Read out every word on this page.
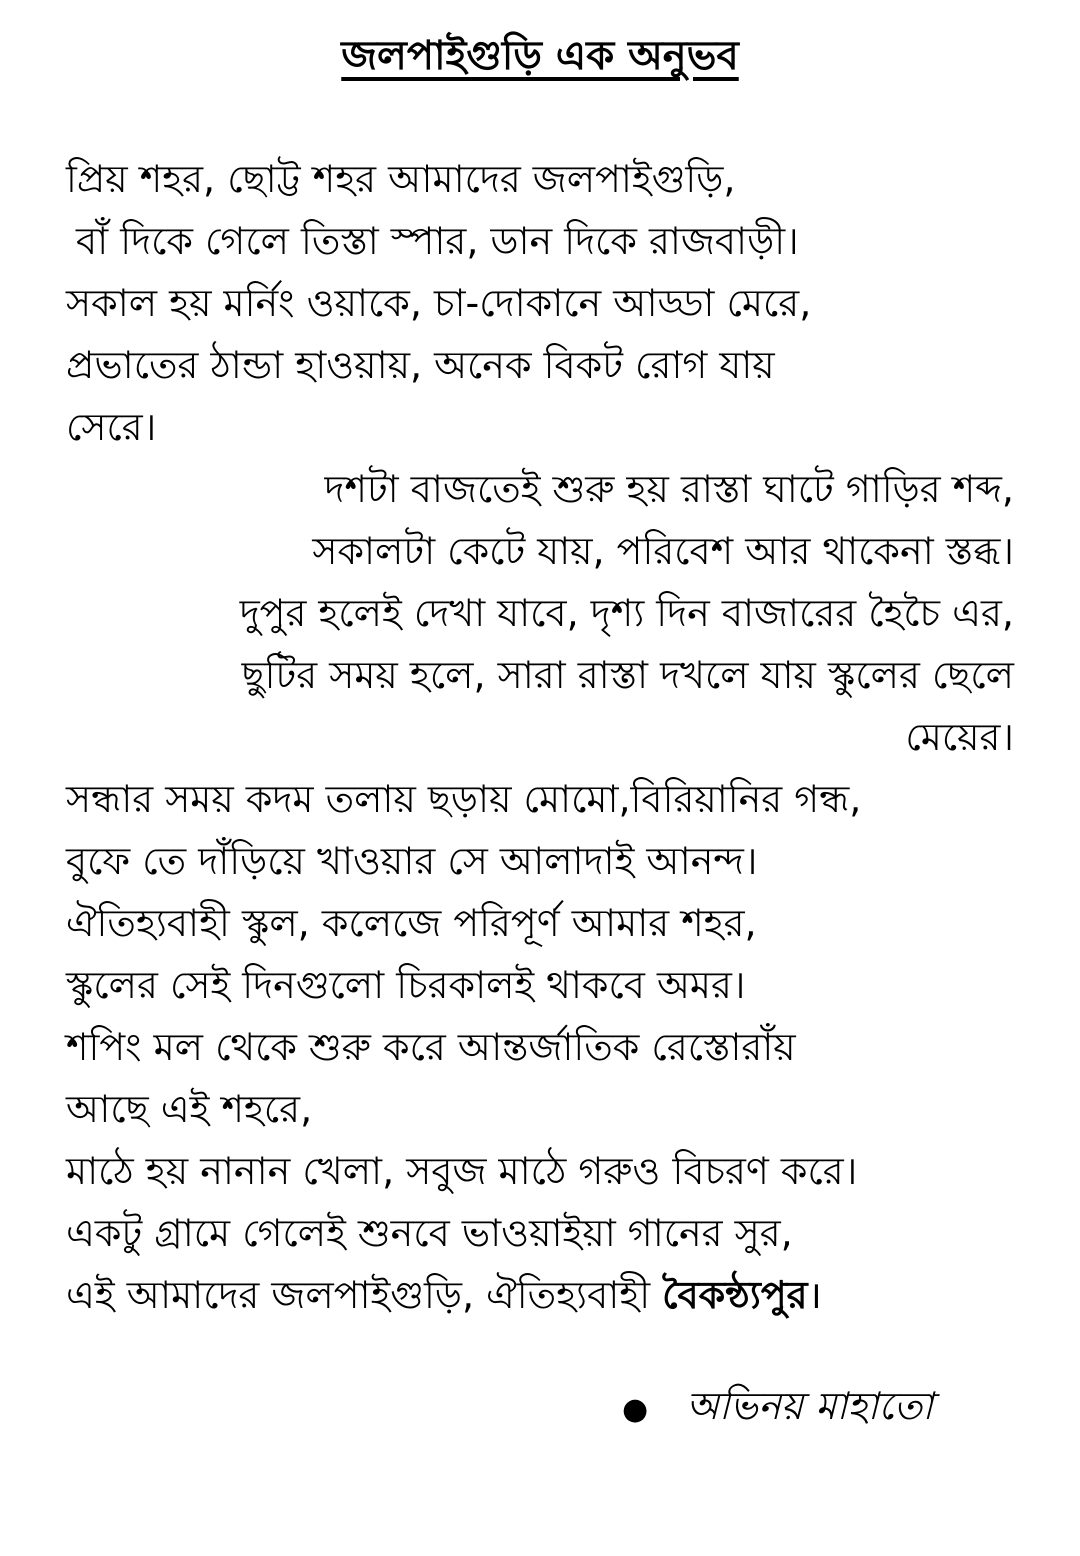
জলপাইগুড়ি এক অনুভব
প্রিয় শহর, ছোট্ট শহর আমাদের জলপাইগুড়ি,
বাঁ দিকে গেলে তিস্তা স্পার, ডান দিকে রাজবাড়ী।
সকাল হয় মর্নিং ওয়াকে, চা-দোকানে আড্ডা মেরে,
প্রভাতের ঠান্ডা হাওয়ায়, অনেক বিকট রোগ যায়
সেরে।
দশটা বাজতেই শুরু হয় রাস্তা ঘাটে গাড়ির শব্দ,
সকালটা কেটে যায়, পরিবেশ আর থাকেনা স্তব্ধ।
দুপুর হলেই দেখা যাবে, দৃশ্য দিন বাজারের হৈচৈ এর,
ছুটির সময় হলে, সারা রাস্তা দখলে যায় স্কুলের ছেলে
মেয়ের।
সন্ধার সময় কদম তলায় ছড়ায় মোমো,বিরিয়ানির গন্ধ,
বুফে তে দাঁড়িয়ে খাওয়ার সে আলাদাই আনন্দ।
ঐতিহ্যবাহী স্কুল, কলেজে পরিপূর্ণ আমার শহর,
স্কুলের সেই দিনগুলো চিরকালই থাকবে অমর।
শপিং মল থেকে শুরু করে আন্তর্জাতিক রেস্তোরাঁয়
আছে এই শহরে,
মাঠে হয় নানান খেলা, সবুজ মাঠে গরুও বিচরণ করে।
একটু গ্রামে গেলেই শুনবে ভাওয়াইয়া গানের সুর,
এই আমাদের জলপাইগুড়ি, ঐতিহ্যবাহী বৈকন্ঠ্যপুর।
● অভিনয় মাহাতো
